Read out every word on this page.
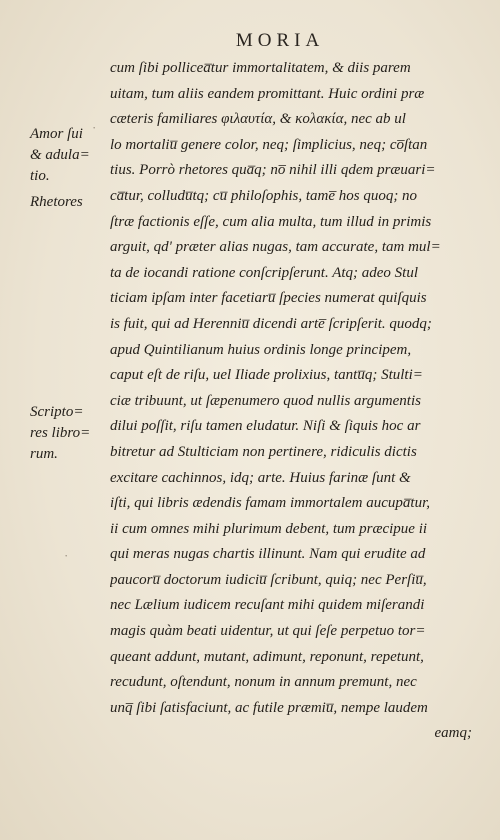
MORIA
Amor ſui
& adula=
tio.
Rhetores
Scripto=
res libro=
rum.
·
·
cum ſibi pollicea̅tur immortalitatem, & diis parem
uitam, tum aliis eandem promittant. Huic ordini præ
cæteris familiares φιλαυτία, & κολακία, nec ab ul
lo mortaliu̅ genere color, neq; ſimplicius, neq; co̅ſtan
tius. Porrò rhetores qua̅q; no̅ nihil illi qdem præuari=
ca̅tur, colludu̅tq; cu̅ philoſophis, tame̅ hos quoq; no
ſtræ factionis eſſe, cum alia multa, tum illud in primis
arguit, qd' præter alias nugas, tam accurate, tam mul=
ta de iocandi ratione conſcripſerunt. Atq; adeo Stul
ticiam ipſam inter facetiaru̅ ſpecies numerat quiſquis
is fuit, qui ad Herenniu̅ dicendi arte̅ ſcripſerit. quodq;
apud Quintilianum huius ordinis longe principem,
caput eſt de riſu, uel Iliade prolixius, tantu̅q; Stulti=
ciæ tribuunt, ut ſæpenumero quod nullis argumentis
dilui poſſit, riſu tamen eludatur. Niſi & ſiquis hoc ar
bitretur ad Stulticiam non pertinere, ridiculis dictis
excitare cachinnos, idq; arte. Huius farinæ ſunt &
iſti, qui libris ædendis famam immortalem aucupa̅tur,
ii cum omnes mihi plurimum debent, tum præcipue ii
qui meras nugas chartis illinunt. Nam qui erudite ad
paucoru̅ doctorum iudiciu̅ ſcribunt, quiq; nec Perſiu̅,
nec Lælium iudicem recuſant mihi quidem miſerandi
magis quàm beati uidentur, ut qui ſeſe perpetuo tor=
queant addunt, mutant, adimunt, reponunt, repetunt,
recudunt, oſtendunt, nonum in annum premunt, nec
unq̅ ſibi ſatisfaciunt, ac futile præmiu̅, nempe laudem
eamq;
